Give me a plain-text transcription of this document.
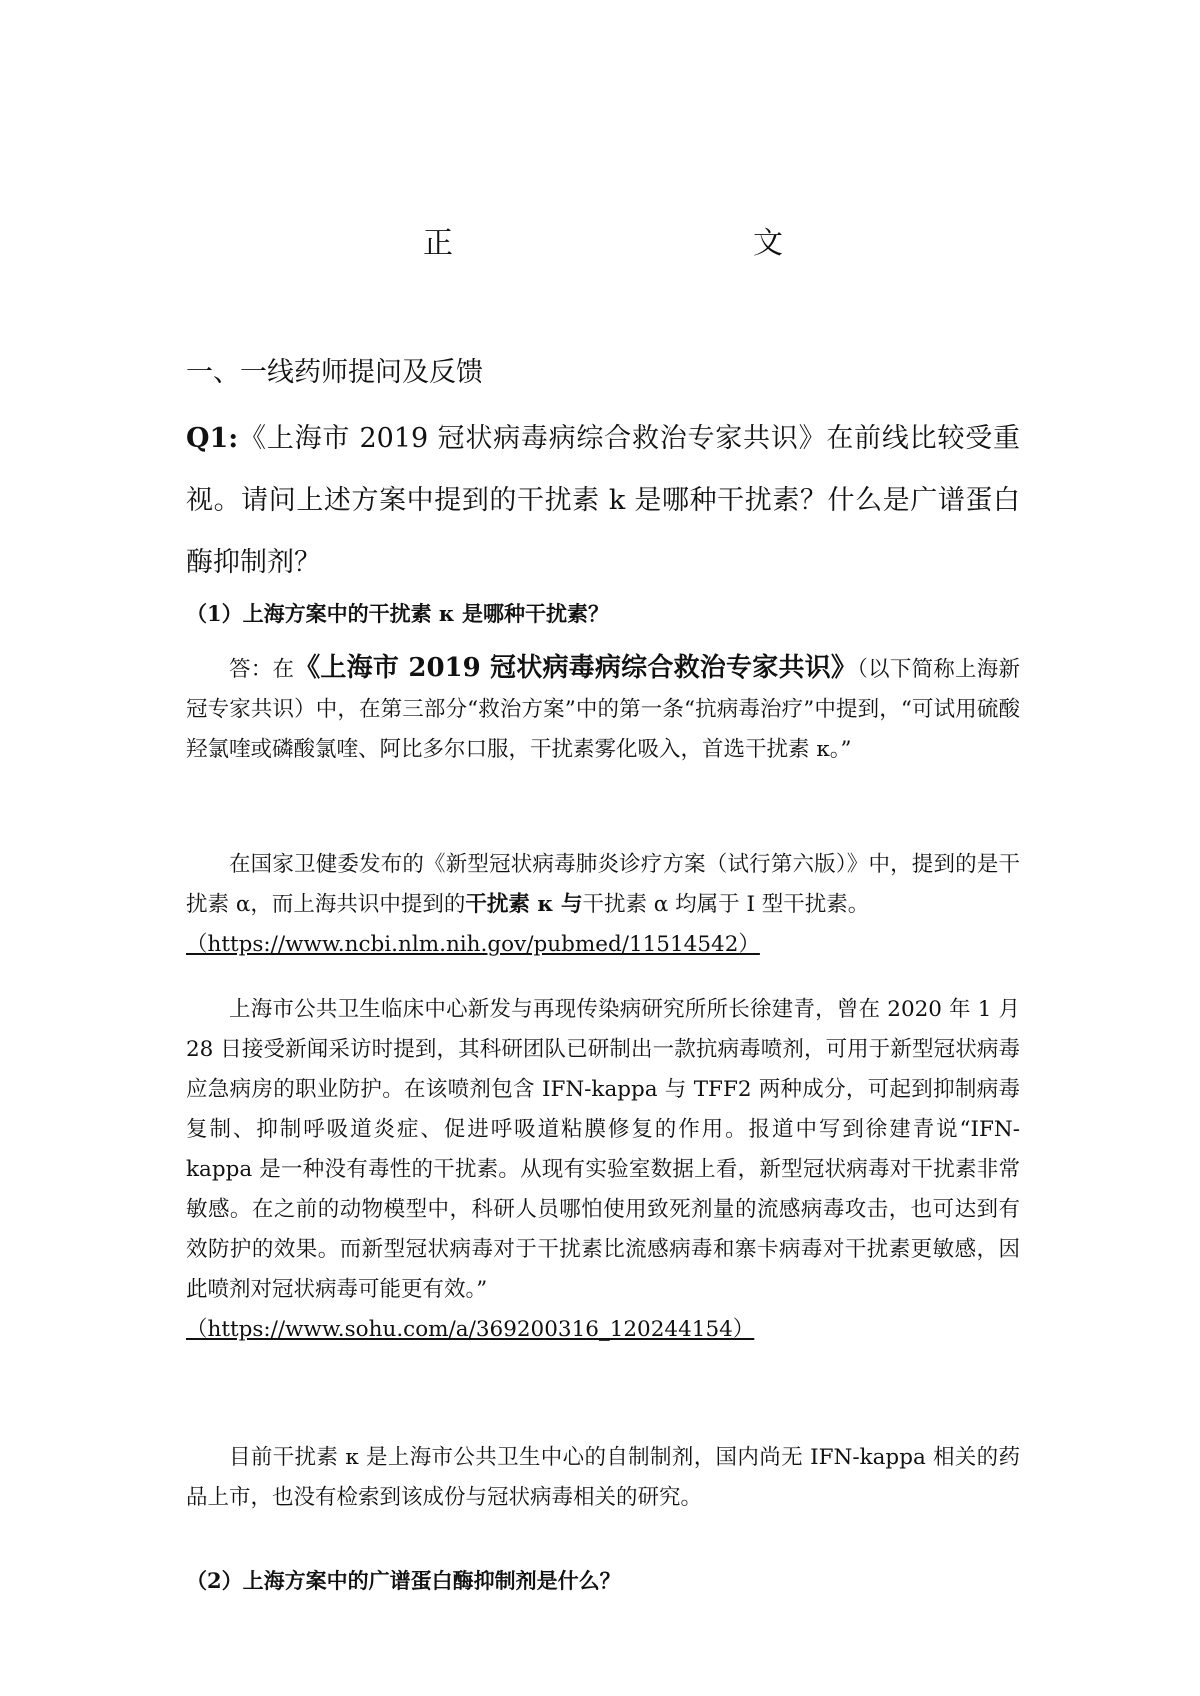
正　　文
一、一线药师提问及反馈
Q1:《上海市 2019 冠状病毒病综合救治专家共识》在前线比较受重视。请问上述方案中提到的干扰素 k 是哪种干扰素？什么是广谱蛋白酶抑制剂？
（1）上海方案中的干扰素 κ 是哪种干扰素？
答：在《上海市 2019 冠状病毒病综合救治专家共识》（以下简称上海新冠专家共识）中，在第三部分“救治方案”中的第一条“抗病毒治疗”中提到，“可试用硫酸羟氯喹或磷酸氯喹、阿比多尔口服，干扰素雾化吸入，首选干扰素 κ。”
在国家卫健委发布的《新型冠状病毒肺炎诊疗方案（试行第六版）》中，提到的是干扰素 α，而上海共识中提到的干扰素 κ 与干扰素 α 均属于 I 型干扰素。
（https://www.ncbi.nlm.nih.gov/pubmed/11514542）
上海市公共卫生临床中心新发与再现传染病研究所所长徐建青，曾在 2020 年 1 月 28 日接受新闻采访时提到，其科研团队已研制出一款抗病毒喷剂，可用于新型冠状病毒应急病房的职业防护。在该喷剂包含 IFN-kappa 与 TFF2 两种成分，可起到抑制病毒复制、抑制呼吸道炎症、促进呼吸道粘膜修复的作用。报道中写到徐建青说“IFN-kappa 是一种没有毒性的干扰素。从现有实验室数据上看，新型冠状病毒对干扰素非常敏感。在之前的动物模型中，科研人员哪怕使用致死剂量的流感病毒攻击，也可达到有效防护的效果。而新型冠状病毒对于干扰素比流感病毒和寨卡病毒对干扰素更敏感，因此喷剂对冠状病毒可能更有效。”
（https://www.sohu.com/a/369200316_120244154）
目前干扰素 κ 是上海市公共卫生中心的自制制剂，国内尚无 IFN-kappa 相关的药品上市，也没有检索到该成份与冠状病毒相关的研究。
（2）上海方案中的广谱蛋白酶抑制剂是什么？
